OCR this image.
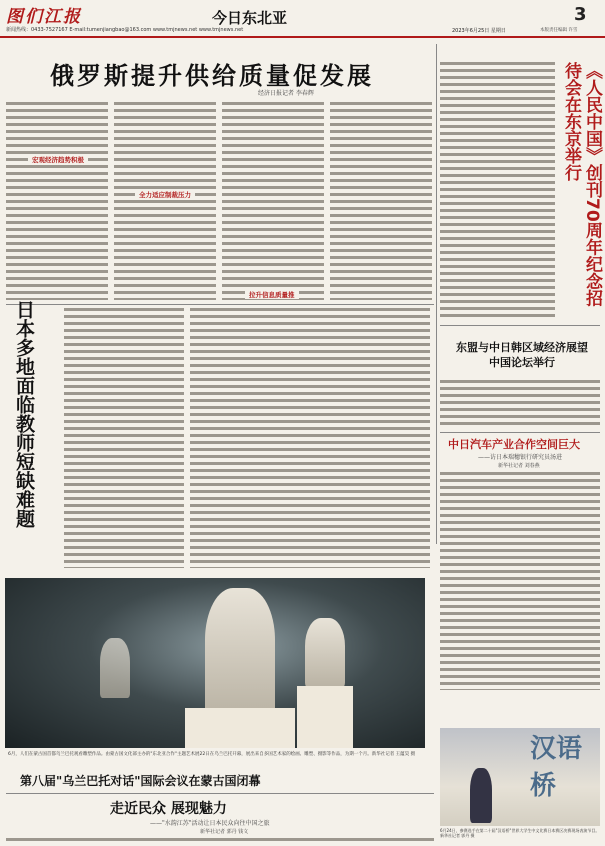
图们江报
新闻热线：0433-7527167 E-mail:tumenjiangbao@163.com www.tmjnews.net www.tmjnews.net
今日东北亚
2023年6月25日 星期日
3
本版责任编辑 许雪
俄罗斯提升供给质量促发展
经济日报记者 李春辉
宏观经济趋势积极
全力适应制裁压力
拉升信息质量推	《人民中国》创刊70周年纪念招待会在东京举行
东盟与中日韩区域经济展望中国论坛举行
中日汽车产业合作空间巨大
——访日本瑞穗银行研究员汤进
新华社记者 刘春燕
日本多地面临教师短缺难题
6月，人们在蒙古国首都乌兰巴托观看雕塑作品。由蒙古国文化部主办的"东北亚合作"主题艺术展22日在乌兰巴托开幕，展出来自多国艺术家的绘画、雕塑、摄影等作品，为期一个月。新华社记者 王蕴昊 摄
第八届"乌兰巴托对话"国际会议在蒙古国闭幕
走近民众 展现魅力
——"水韵江苏"活动让日本民众向往中国之旅
新华社记者 郭丹 钱文
汉语桥
6月24日，参赛选手在第二十届"汉语桥"世界大学生中文比赛日本赛区决赛现场表演节目。新华社记者 郭丹 摄
